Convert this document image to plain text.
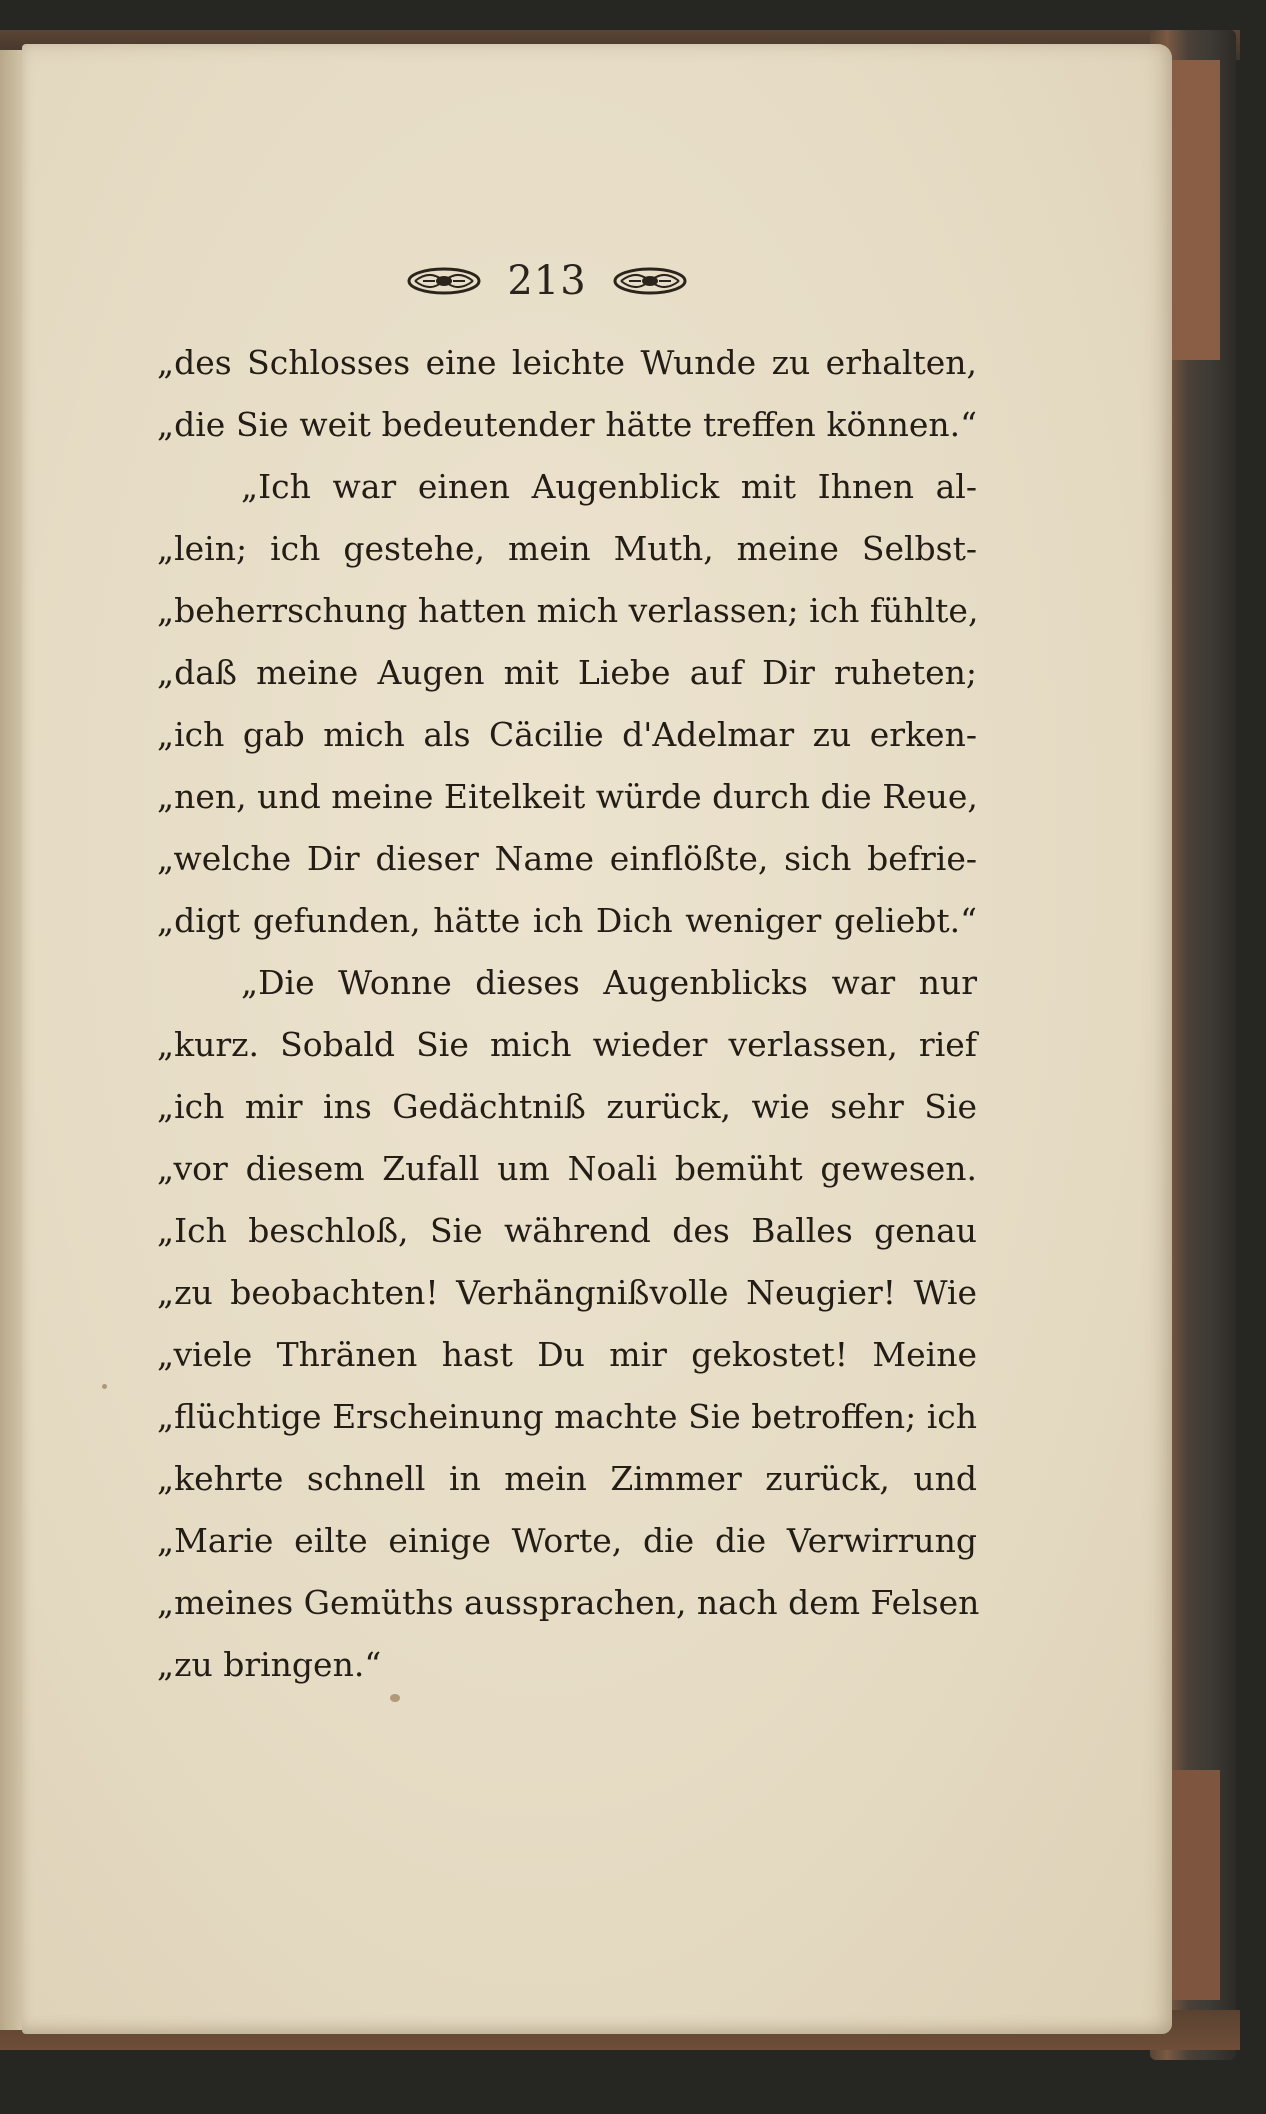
213
„des Schlosses eine leichte Wunde zu erhalten,
„die Sie weit bedeutender hätte treffen können.“
„Ich war einen Augenblick mit Ihnen al-
„lein; ich gestehe, mein Muth, meine Selbst-
„beherrschung hatten mich verlassen; ich fühlte,
„daß meine Augen mit Liebe auf Dir ruheten;
„ich gab mich als Cäcilie d'Adelmar zu erken-
„nen, und meine Eitelkeit würde durch die Reue,
„welche Dir dieser Name einflößte, sich befrie-
„digt gefunden, hätte ich Dich weniger geliebt.“
„Die Wonne dieses Augenblicks war nur
„kurz. Sobald Sie mich wieder verlassen, rief
„ich mir ins Gedächtniß zurück, wie sehr Sie
„vor diesem Zufall um Noali bemüht gewesen.
„Ich beschloß, Sie während des Balles genau
„zu beobachten! Verhängnißvolle Neugier! Wie
„viele Thränen hast Du mir gekostet! Meine
„flüchtige Erscheinung machte Sie betroffen; ich
„kehrte schnell in mein Zimmer zurück, und
„Marie eilte einige Worte, die die Verwirrung
„meines Gemüths aussprachen, nach dem Felsen
„zu bringen.“
